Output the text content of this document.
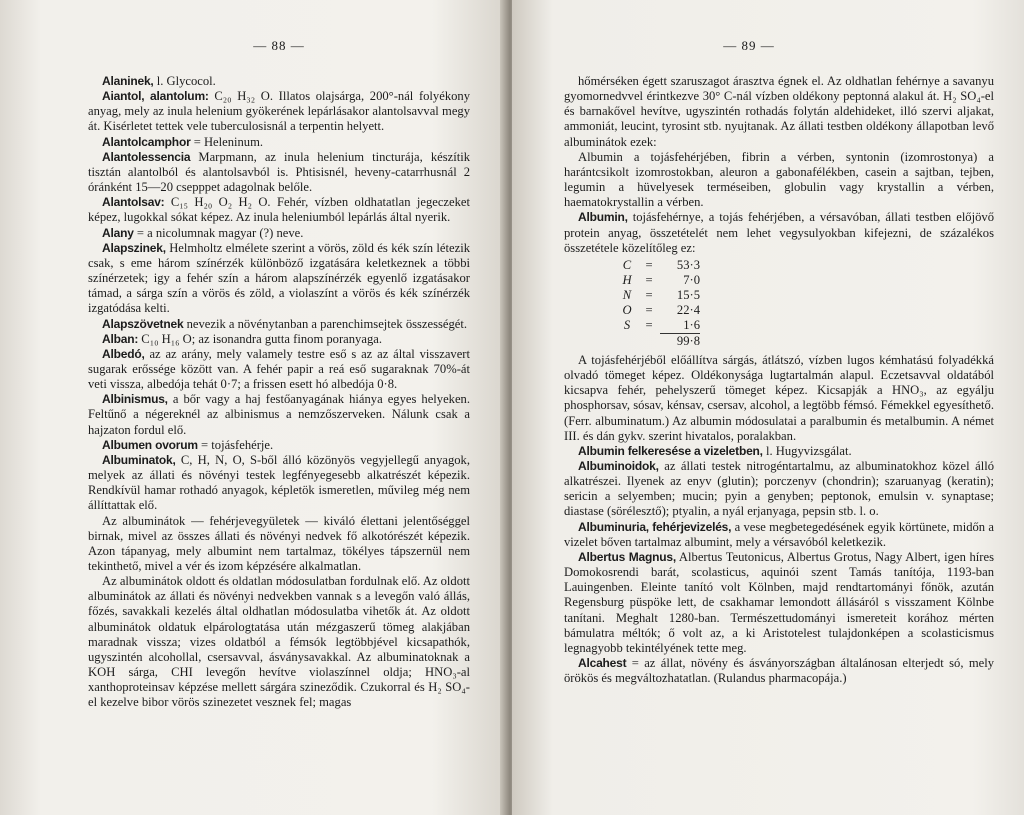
— 88 —

Alaninek, l. Glycocol.

Aiantol, alantolum: C₂₀ H₃₂ O. Illatos olajsárga, 200°-nál folyékony anyag, mely az inula helenium gyökerének lepárlásakor alantolsavval megy át. Kisérletet tettek vele tuberculosisnál a terpentin helyett.

Alantolcamphor = Heleninum.

Alantolessencia Marpmann, az inula helenium tincturája, készítik tisztán alantolból és alantolsavból is. Phtisisnél, heveny-catarrhusnál 2 óránként 15—20 csepppet adagolnak belőle.

Alantolsav: C₁₅ H₂₀ O₂ H₂ O. Fehér, vízben oldhatatlan jegeczeket képez, lugokkal sókat képez. Az inula heleniumból lepárlás által nyerik.

Alany = a nicolumnak magyar (?) neve.

Alapszinek, Helmholtz elmélete szerint a vörös, zöld és kék szín létezik csak, s eme három színérzék különböző izgatására keletkeznek a többi színérzetek; igy a fehér szín a három alapszínérzék egyenlő izgatásakor támad, a sárga szín a vörös és zöld, a violaszínt a vörös és kék színérzék izgatódása kelti.

Alapszövetnek nevezik a növénytanban a parenchimsejtek összességét.

Alban: C₁₀ H₁₆ O; az isonandra gutta finom poranyaga.

Albedó, az az arány, mely valamely testre eső s az az által visszavert sugarak erőssége között van. A fehér papir a reá eső sugaraknak 70%-át veti vissza, albedója tehát 0·7; a frissen esett hó albedója 0·8.

Albinismus, a bőr vagy a haj festőanyagának hiánya egyes helyeken. Feltűnő a négereknél az albinismus a nemzőszerveken. Nálunk csak a hajzaton fordul elő.

Albumen ovorum = tojásfehérje.

Albuminatok, C, H, N, O, S-ből álló közönyös vegyjellegű anyagok, melyek az állati és növényi testek legfényegesebb alkatrészét képezik. Rendkívül hamar rothadó anyagok, képletök ismeretlen, művileg még nem állíttattak elő.

Az albuminátok — fehérjevegyületek — kiváló élettani jelentőséggel birnak, mivel az összes állati és növényi nedvek fő alkotórészét képezik. Azon tápanyag, mely albumint nem tartalmaz, tökélyes tápszernül nem tekinthető, mivel a vér és izom képzésére alkalmatlan.

Az albuminátok oldott és oldatlan módosulatban fordulnak elő. Az oldott albuminátok az állati és növényi nedvekben vannak s a levegőn való állás, főzés, savakkali kezelés által oldhatlan módosulatba vihetők át. Az oldott albuminátok oldatuk elpárologtatása után mézgaszerű tömeg alakjában maradnak vissza; vizes oldatból a fémsók legtöbbjével kicsapathók, ugyszintén alcohollal, csersavval, ásványsavakkal. Az albuminatoknak a KOH sárga, CHI levegőn hevítve violaszínnel oldja; HNO₃-al xanthoproteinsav képzése mellett sárgára szineződik. Czukorral és H₂ SO₄-el kezelve bibor vörös szinezetet vesznek fel; magas

— 89 —

hőmérséken égett szaruszagot árasztva égnek el. Az oldhatlan fehérnye a savanyu gyomornedvvel érintkezve 30° C-nál vízben oldékony peptonná alakul át. H₂ SO₄-el és barnakővel hevítve, ugyszintén rothadás folytán aldehideket, illó szervi aljakat, ammoniát, leucint, tyrosint stb. nyujtanak. Az állati testben oldékony állapotban levő albuminátok ezek:

Albumin a tojásfehérjében, fibrin a vérben, syntonin (izomrostonya) a harántcsikolt izomrostokban, aleuron a gabonafélékben, casein a sajtban, tejben, legumin a hüvelyesek terméseiben, globulin vagy krystallin a vérben, haematokrystallin a vérben.

Albumin, tojásfehérnye, a tojás fehérjében, a vérsavóban, állati testben előjövő protein anyag, összetételét nem lehet vegysulyokban kifejezni, de százalékos összetétele közelítőleg ez:

C	=	53·3
H	=	7·0
N	=	15·5
O	=	22·4
S	=	1·6
99·8

A tojásfehérjéből előállítva sárgás, átlátszó, vízben lugos kémhatású folyadékká olvadó tömeget képez. Oldékonysága lugtartalmán alapul. Eczetsavval oldatából kicsapva fehér, pehelyszerű tömeget képez. Kicsapják a HNO₃, az egyálju phosphorsav, sósav, kénsav, csersav, alcohol, a legtöbb fémsó. Fémekkel egyesíthető. (Ferr. albuminatum.) Az albumin módosulatai a paralbumin és metalbumin. A német III. és dán gykv. szerint hivatalos, poralakban.

Albumin felkeresése a vizeletben, l. Hugyvizsgálat.

Albuminoidok, az állati testek nitrogéntartalmu, az albuminatokhoz közel álló alkatrészei. Ilyenek az enyv (glutin); porczenyv (chondrin); szaruanyag (keratin); sericin a selyemben; mucin; pyin a genyben; peptonok, emulsin v. synaptase; diastase (sörélesztő); ptyalin, a nyál erjanyaga, pepsin stb. l. o.

Albuminuria, fehérjevizelés, a vese megbetegedésének egyik körtünete, midőn a vizelet bőven tartalmaz albumint, mely a vérsavóból keletkezik.

Albertus Magnus, Albertus Teutonicus, Albertus Grotus, Nagy Albert, igen híres Domokosrendi barát, scolasticus, aquinói szent Tamás tanítója, 1193-ban Lauingenben. Eleinte tanító volt Kölnben, majd rendtartományi főnök, azután Regensburg püspöke lett, de csakhamar lemondott állásáról s visszament Kölnbe tanítani. Meghalt 1280-ban. Természettudományi ismereteit korához mérten bámulatra méltók; ő volt az, a ki Aristotelest tulajdonképen a scolasticismus legnagyobb tekintélyének tette meg.

Alcahest = az állat, növény és ásványországban általánosan elterjedt só, mely örökös és megváltozhatatlan. (Rulandus pharmacopája.)
